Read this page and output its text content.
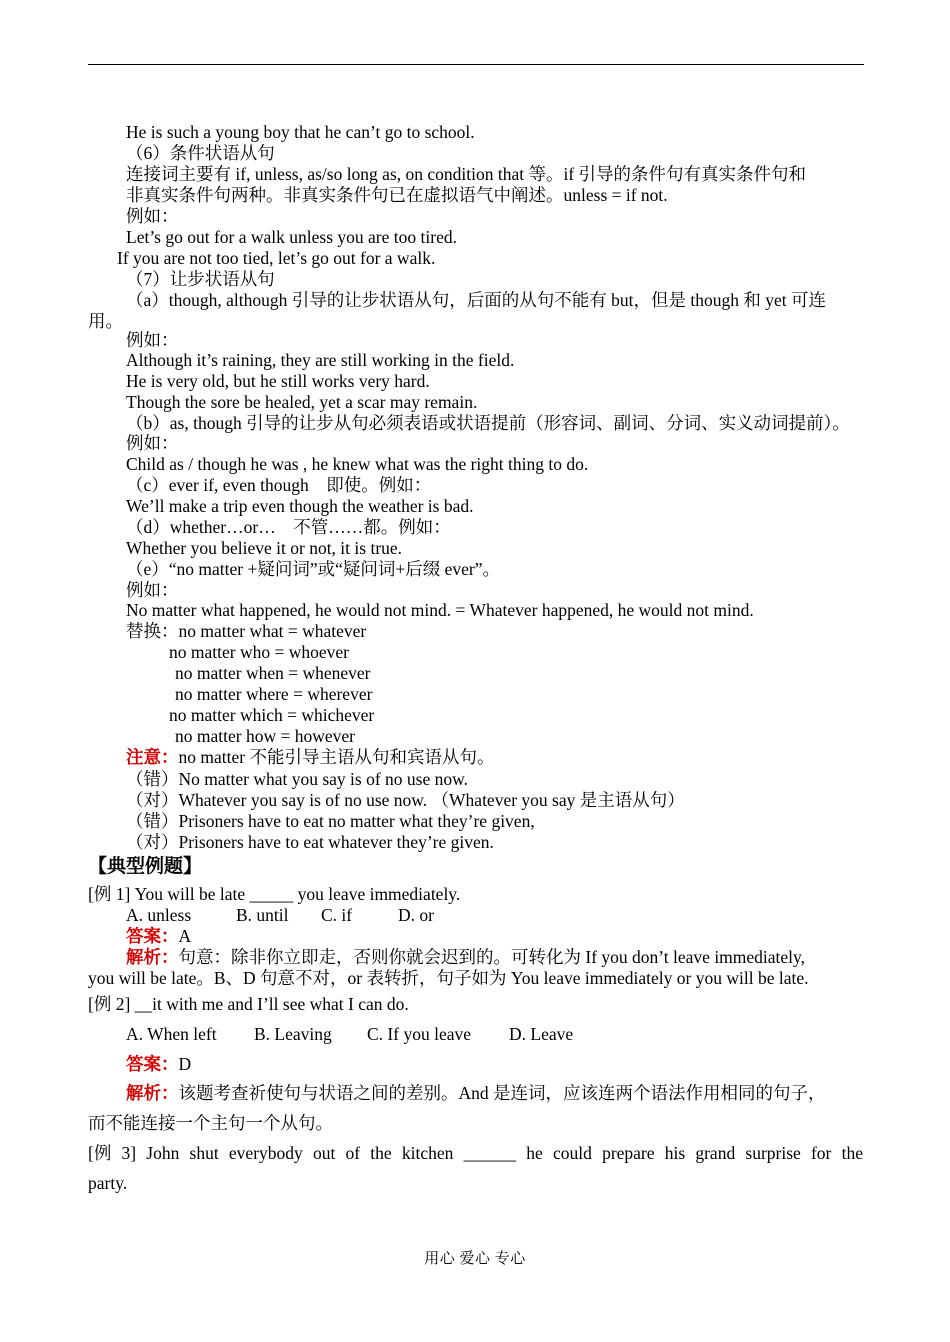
He is such a young boy that he can’t go to school.
（6）条件状语从句
连接词主要有 if, unless, as/so long as, on condition that 等。if 引导的条件句有真实条件句和
非真实条件句两种。非真实条件句已在虚拟语气中阐述。unless = if not.
例如：
Let’s go out for a walk unless you are too tired.
If you are not too tied, let’s go out for a walk.
（7）让步状语从句
（a）though, although 引导的让步状语从句，后面的从句不能有 but，但是 though 和 yet 可连
用。
例如：
Although it’s raining, they are still working in the field.
He is very old, but he still works very hard.
Though the sore be healed, yet a scar may remain.
（b）as, though 引导的让步从句必须表语或状语提前（形容词、副词、分词、实义动词提前）。
例如：
Child as / though he was , he knew what was the right thing to do.
（c）ever if, even though　即使。例如：
We’ll make a trip even though the weather is bad.
（d）whether…or…　不管……都。例如：
Whether you believe it or not, it is true.
（e）“no matter +疑问词”或“疑问词+后缀 ever”。
例如：
No matter what happened, he would not mind. = Whatever happened, he would not mind.
替换：no matter what = whatever
no matter who = whoever
no matter when = whenever
no matter where = wherever
no matter which = whichever
no matter how = however
注意：no matter 不能引导主语从句和宾语从句。
（错）No matter what you say is of no use now.
（对）Whatever you say is of no use now. （Whatever you say 是主语从句）
（错）Prisoners have to eat no matter what they’re given,
（对）Prisoners have to eat whatever they’re given.
【典型例题】
[例 1] You will be late _____ you leave immediately.
A. unless	B. until C. if	D. or
答案：A
解析：句意：除非你立即走，否则你就会迟到的。可转化为 If you don’t leave immediately,
you will be late。B、D 句意不对，or 表转折，句子如为 You leave immediately or you will be late.
[例 2] __it with me and I’ll see what I can do.
A. When left B. Leaving C. If you leave D. Leave
答案：D
解析：该题考查祈使句与状语之间的差别。And 是连词，应该连两个语法作用相同的句子，
而不能连接一个主句一个从句。
[例 3] John shut everybody out of the kitchen ______ he could prepare his grand surprise for the
party.
用心 爱心 专心
